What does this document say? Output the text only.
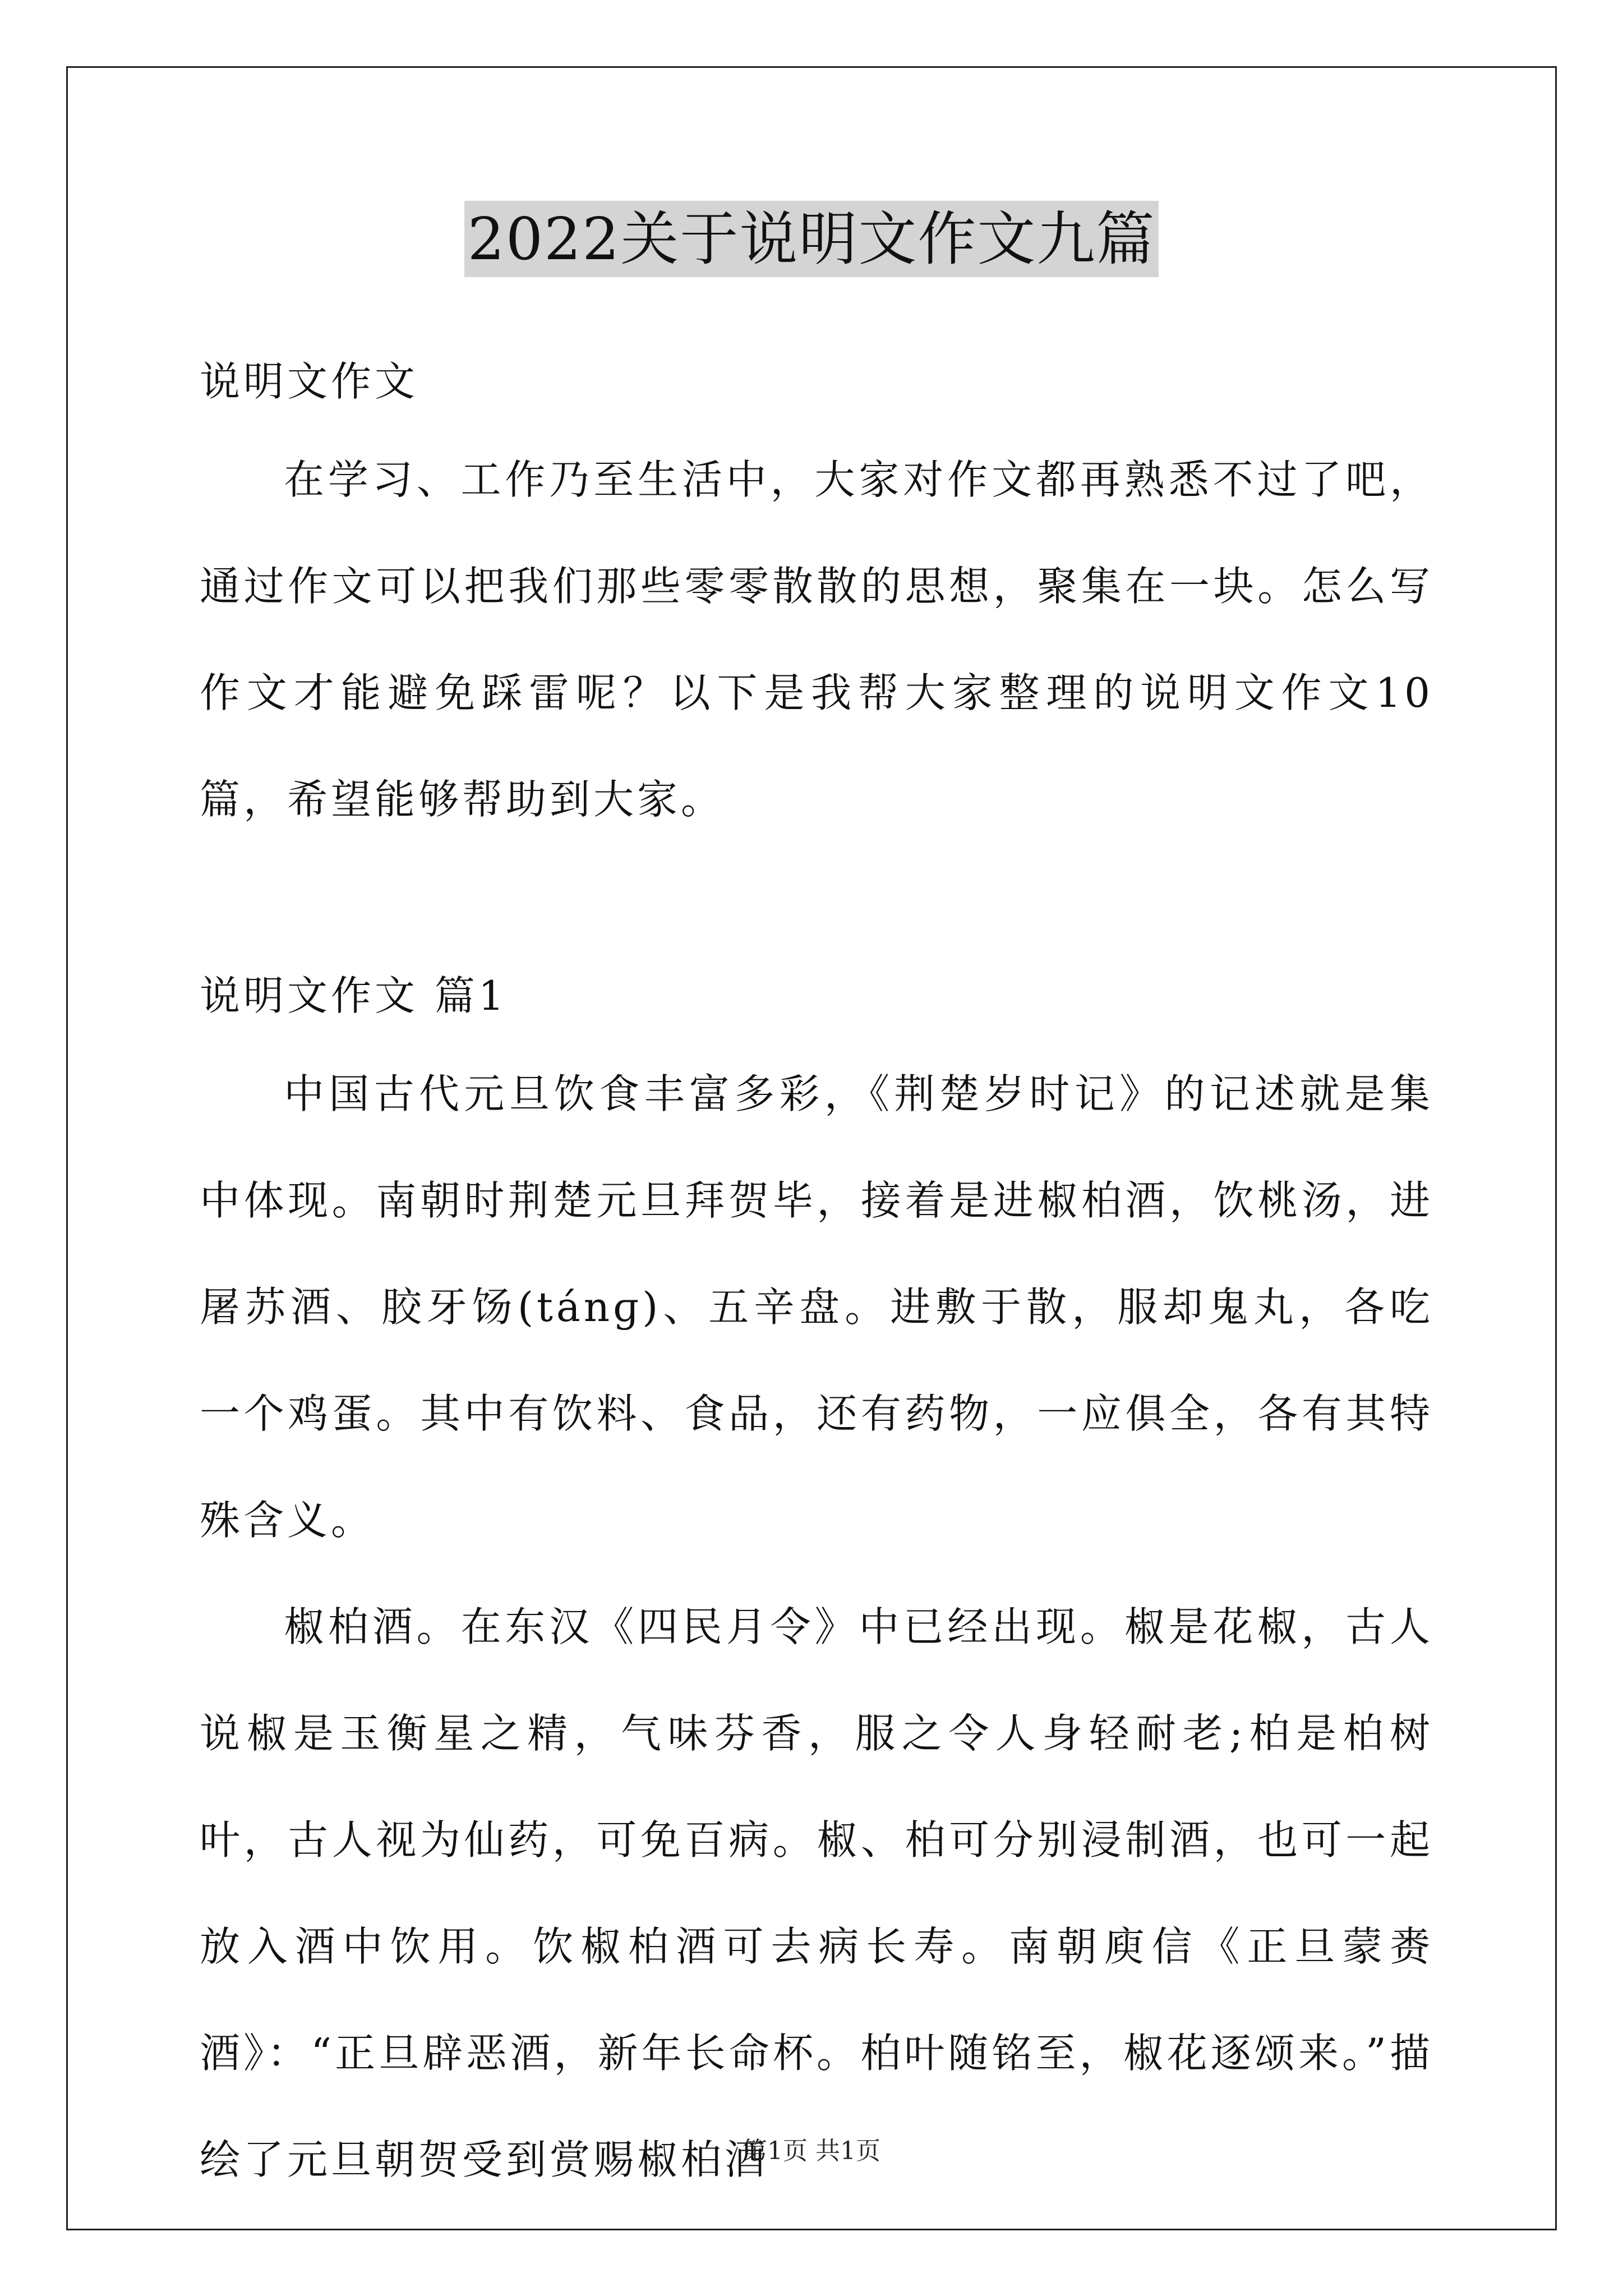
2022关于说明文作文九篇

说明文作文

在学习、工作乃至生活中，大家对作文都再熟悉不过了吧，通过作文可以把我们那些零零散散的思想，聚集在一块。怎么写作文才能避免踩雷呢？以下是我帮大家整理的说明文作文10篇，希望能够帮助到大家。

说明文作文 篇1

中国古代元旦饮食丰富多彩，《荆楚岁时记》的记述就是集中体现。南朝时荆楚元旦拜贺毕，接着是进椒柏酒，饮桃汤，进屠苏酒、胶牙饧(tánɡ)、五辛盘。进敷于散，服却鬼丸，各吃一个鸡蛋。其中有饮料、食品，还有药物，一应俱全，各有其特殊含义。

椒柏酒。在东汉《四民月令》中已经出现。椒是花椒，古人说椒是玉衡星之精，气味芬香，服之令人身轻耐老;柏是柏树叶，古人视为仙药，可免百病。椒、柏可分别浸制酒，也可一起放入酒中饮用。饮椒柏酒可去病长寿。南朝庾信《正旦蒙赉酒》：“正旦辟恶酒，新年长命杯。柏叶随铭至，椒花逐颂来。”描绘了元旦朝贺受到赏赐椒柏酒

第1页 共1页
